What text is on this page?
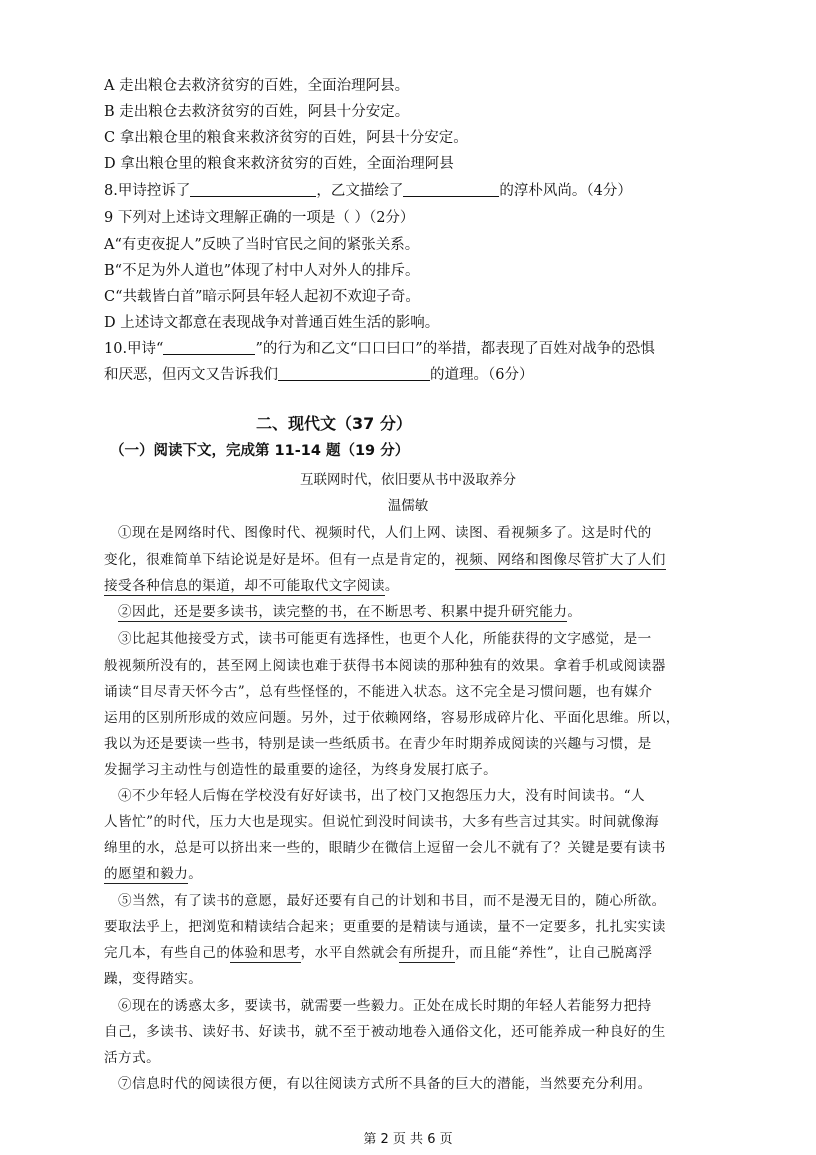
A 走出粮仓去救济贫穷的百姓，全面治理阿县。
B 走出粮仓去救济贫穷的百姓，阿县十分安定。
C 拿出粮仓里的粮食来救济贫穷的百姓，阿县十分安定。
D 拿出粮仓里的粮食来救济贫穷的百姓，全面治理阿县
8.甲诗控诉了	，乙文描绘了	的淳朴风尚。（4分）
9 下列对上述诗文理解正确的一项是（ ）（2分）
A“有吏夜捉人”反映了当时官民之间的紧张关系。
B“不足为外人道也”体现了村中人对外人的排斥。
C“共载皆白首”暗示阿县年轻人起初不欢迎子奇。
D 上述诗文都意在表现战争对普通百姓生活的影响。
10.甲诗“	”的行为和乙文“口口曰口”的举措，都表现了百姓对战争的恐惧
和厌恶，但丙文又告诉我们	的道理。（6分）
二、现代文（37 分）
（一）阅读下文，完成第 11-14 题（19 分）
互联网时代，依旧要从书中汲取养分
温儒敏
①现在是网络时代、图像时代、视频时代，人们上网、读图、看视频多了。这是时代的
变化，很难简单下结论说是好是坏。但有一点是肯定的，视频、网络和图像尽管扩大了人们
接受各种信息的渠道，却不可能取代文字阅读。
②因此，还是要多读书，读完整的书，在不断思考、积累中提升研究能力。
③比起其他接受方式，读书可能更有选择性，也更个人化，所能获得的文字感觉，是一
般视频所没有的，甚至网上阅读也难于获得书本阅读的那种独有的效果。拿着手机或阅读器
诵读“目尽青天怀今古”，总有些怪怪的，不能进入状态。这不完全是习惯问题，也有媒介
运用的区别所形成的效应问题。另外，过于依赖网络，容易形成碎片化、平面化思维。所以，
我以为还是要读一些书，特别是读一些纸质书。在青少年时期养成阅读的兴趣与习惯，是
发掘学习主动性与创造性的最重要的途径，为终身发展打底子。
④不少年轻人后悔在学校没有好好读书，出了校门又抱怨压力大，没有时间读书。“人
人皆忙”的时代，压力大也是现实。但说忙到没时间读书，大多有些言过其实。时间就像海
绵里的水，总是可以挤出来一些的，眼睛少在微信上逗留一会儿不就有了？关键是要有读书
的愿望和毅力。
⑤当然，有了读书的意愿，最好还要有自己的计划和书目，而不是漫无目的，随心所欲。
要取法乎上，把浏览和精读结合起来；更重要的是精读与通读，量不一定要多，扎扎实实读
完几本，有些自己的体验和思考，水平自然就会有所提升，而且能“养性”，让自己脱离浮
躁，变得踏实。
⑥现在的诱惑太多，要读书，就需要一些毅力。正处在成长时期的年轻人若能努力把持
自己，多读书、读好书、好读书，就不至于被动地卷入通俗文化，还可能养成一种良好的生
活方式。
⑦信息时代的阅读很方便，有以往阅读方式所不具备的巨大的潜能，当然要充分利用。
第 2 页 共 6 页
